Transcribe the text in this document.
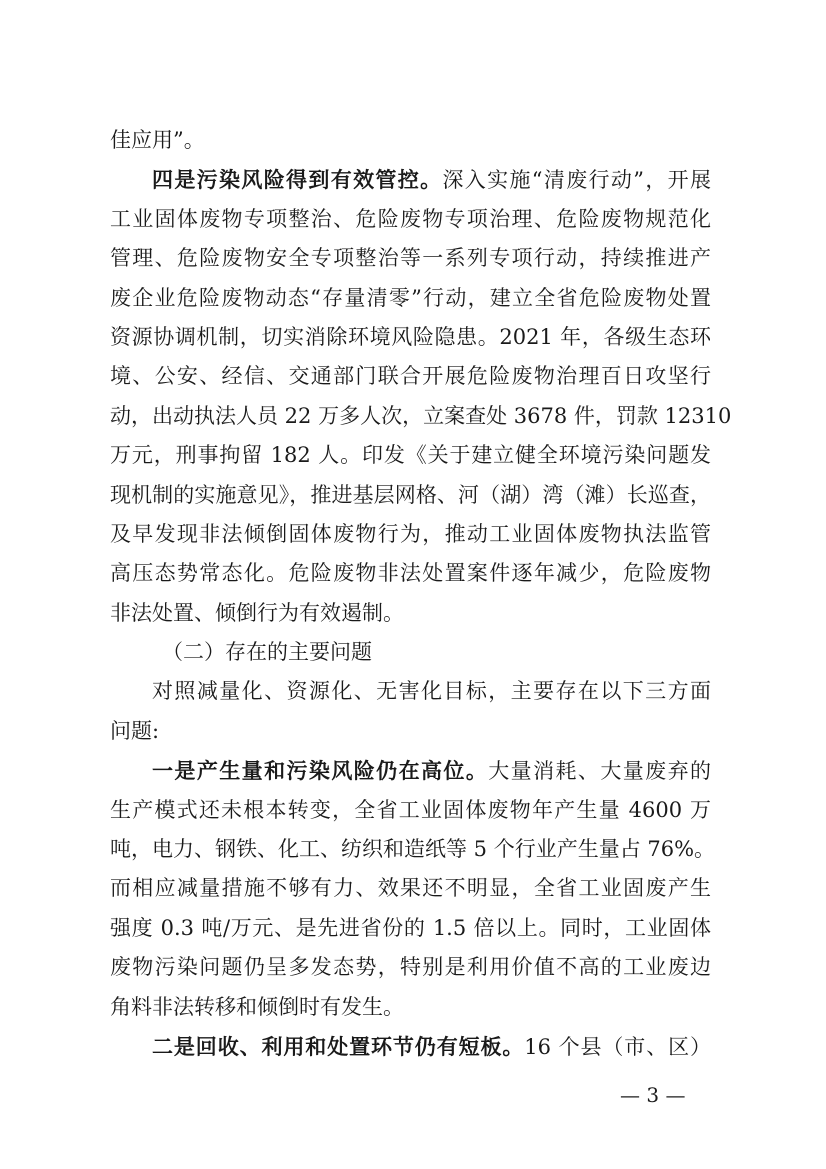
佳应用”。
四是污染风险得到有效管控。深入实施“清废行动”，开展
工业固体废物专项整治、危险废物专项治理、危险废物规范化
管理、危险废物安全专项整治等一系列专项行动，持续推进产
废企业危险废物动态“存量清零”行动，建立全省危险废物处置
资源协调机制，切实消除环境风险隐患。2021 年，各级生态环
境、公安、经信、交通部门联合开展危险废物治理百日攻坚行
动，出动执法人员 22 万多人次，立案查处 3678 件，罚款 12310
万元，刑事拘留 182 人。印发《关于建立健全环境污染问题发
现机制的实施意见》，推进基层网格、河（湖）湾（滩）长巡查，
及早发现非法倾倒固体废物行为，推动工业固体废物执法监管
高压态势常态化。危险废物非法处置案件逐年减少，危险废物
非法处置、倾倒行为有效遏制。
（二）存在的主要问题
对照减量化、资源化、无害化目标，主要存在以下三方面
问题:
一是产生量和污染风险仍在高位。大量消耗、大量废弃的
生产模式还未根本转变，全省工业固体废物年产生量 4600 万
吨，电力、钢铁、化工、纺织和造纸等 5 个行业产生量占 76%。
而相应减量措施不够有力、效果还不明显，全省工业固废产生
强度 0.3 吨/万元、是先进省份的 1.5 倍以上。同时，工业固体
废物污染问题仍呈多发态势，特别是利用价值不高的工业废边
角料非法转移和倾倒时有发生。
二是回收、利用和处置环节仍有短板。16 个县（市、区）
— 3 —
